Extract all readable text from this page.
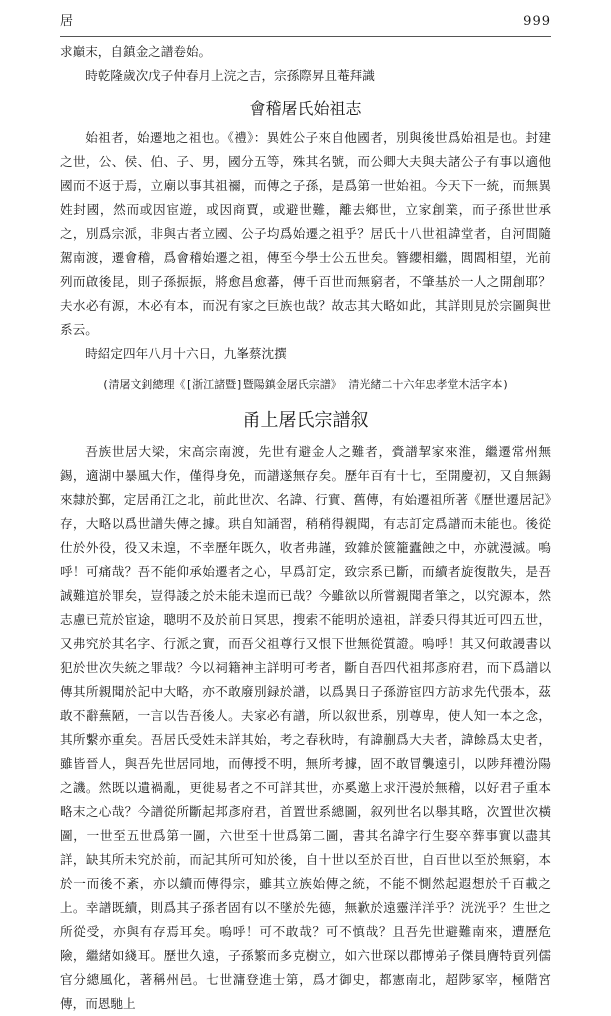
居	999

求巔末，自鎮金之譜卷始。

時乾隆歲次戊子仲春月上浣之吉，宗孫際昇且菴拜識

會稽屠氏始祖志

始祖者，始遷地之祖也。《禮》：異姓公子來自他國者，別與後世爲始祖是也。封建之世，公、侯、伯、子、男，國分五等，殊其名號，而公卿大夫與夫諸公子有事以適他國而不返于焉，立廟以事其祖禰，而傳之子孫，是爲第一世始祖。今天下一統，而無異姓封國，然而或因宦遊，或因商賈，或避世難，離去鄉世，立家創業，而子孫世世承之，別爲宗派，非與古者立國、公子均爲始遷之祖乎？居氏十八世祖諱堂者，自河間隨駕南渡，遷會稽，爲會稽始遷之祖，傳至今學士公五世矣。簪纓相繼，閭閻相望，光前列而啟後昆，則子孫振振，將愈昌愈蕃，傳千百世而無窮者，不肇基於一人之開創耶？夫水必有源，木必有本，而況有家之巨族也哉？故志其大略如此，其詳則見於宗圖與世系云。

時紹定四年八月十六日，九峯蔡沈撰

(清屠文釗總理《[浙江諸暨]暨陽鎮金屠氏宗譜》 清光緒二十六年忠孝堂木活字本)
甬上屠氏宗譜叙

吾族世居大梁，宋高宗南渡，先世有避金人之難者，賫譜挈家來淮，繼遷常州無錫，適湖中暴風大作，僅得身免，而譜遂無存矣。歷年百有十七，至開慶初，又自無錫來隸於鄞，定居甬江之北，前此世次、名諱、行實、舊傳，有始遷祖所著《歷世遷居記》存，大略以爲世譜失傳之據。珙自知誦習，稍稍得親聞，有志訂定爲譜而未能也。後從仕於外役，役又未遑，不幸歷年既久，收者弗謹，致雜於篋籠蠹蝕之中，亦就漫滅。嗚呼！可痛哉？吾不能仰承始遷者之心，早爲訂定，致宗系已斷，而續者旋復散失，是吾誠難逭於罪矣，豈得諉之於未能未遑而已哉？今雖欲以所嘗親聞者筆之，以究源本，然志慮已荒於宦途，聰明不及於前日冥思，搜索不能明於遠祖，詳委只得其近可四五世，又弗究於其名字、行派之實，而吾父祖尊行又恨下世無從質證。嗚呼！其又何敢謾書以犯於世次失統之罪哉？今以祠籍神主詳明可考者，斷自吾四代祖邦彥府君，而下爲譜以傳其所親聞於記中大略，亦不敢廢別録於譜，以爲異日子孫游宦四方訪求先代張本，茲敢不辭蕪陋，一言以告吾後人。夫家必有譜，所以叙世系，別尊卑，使人知一本之念，其所繫亦重矣。吾居氏受姓未詳其始，考之春秋時，有諱蒯爲大夫者，諱餘爲太史者，雖皆晉人，與吾先世居同地，而傳授不明，無所考據，固不敢冒襲遠引，以陟拜禮汾陽之譏。然既以遺禍亂，更徙易者之不可詳其世，亦奚邀上求汗漫於無稽，以好君子重本略末之心哉？今譜從所斷起邦彥府君，首置世系總圖，叙列世名以舉其略，次置世次橫圖，一世至五世爲第一圖，六世至十世爲第二圖，書其名諱字行生娶卒葬事實以盡其詳，缺其所未究於前，而記其所可知於後，自十世以至於百世，自百世以至於無窮，本於一而後不紊，亦以續而傳得宗，雖其立族始傳之統，不能不惻然起遐想於千百載之上。幸譜既續，則爲其子孫者固有以不墜於先德，無歉於遠靈洋洋乎？洸洸乎？生世之所從受，亦與有存焉耳矣。嗚呼！可不敢哉？可不慎哉？且吾先世避難南來，遭歷危險，繼緒如綫耳。歷世久遠，子孫繁而多克樹立，如六世琛以郡博弟子傑員膺特貢列儒官分總風化，著稱州邑。七世滽登進士第，爲才御史，都憲南北，超陟冢宰，極階宮傳，而恩馳上
